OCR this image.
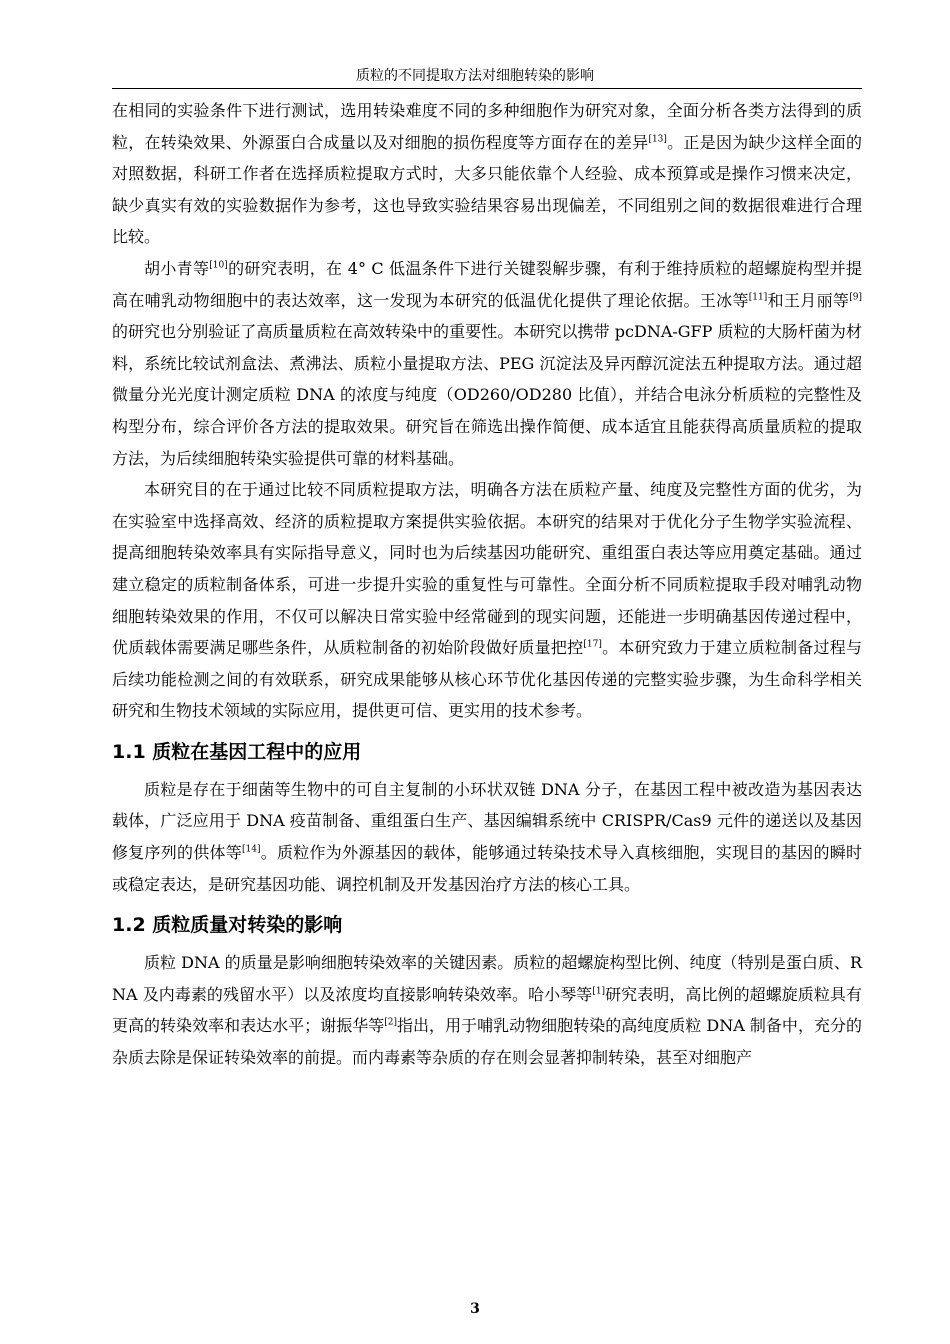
质粒的不同提取方法对细胞转染的影响

在相同的实验条件下进行测试，选用转染难度不同的多种细胞作为研究对象，全面分析各类方法得到的质粒，在转染效果、外源蛋白合成量以及对细胞的损伤程度等方面存在的差异[13]。正是因为缺少这样全面的对照数据，科研工作者在选择质粒提取方式时，大多只能依靠个人经验、成本预算或是操作习惯来决定，缺少真实有效的实验数据作为参考，这也导致实验结果容易出现偏差，不同组别之间的数据很难进行合理比较。

胡小青等[10]的研究表明，在 4° C 低温条件下进行关键裂解步骤，有利于维持质粒的超螺旋构型并提高在哺乳动物细胞中的表达效率，这一发现为本研究的低温优化提供了理论依据。王冰等[11]和王月丽等[9]的研究也分别验证了高质量质粒在高效转染中的重要性。本研究以携带 pcDNA-GFP 质粒的大肠杆菌为材料，系统比较试剂盒法、煮沸法、质粒小量提取方法、PEG 沉淀法及异丙醇沉淀法五种提取方法。通过超微量分光光度计测定质粒 DNA 的浓度与纯度（OD260/OD280 比值），并结合电泳分析质粒的完整性及构型分布，综合评价各方法的提取效果。研究旨在筛选出操作简便、成本适宜且能获得高质量质粒的提取方法，为后续细胞转染实验提供可靠的材料基础。

本研究目的在于通过比较不同质粒提取方法，明确各方法在质粒产量、纯度及完整性方面的优劣，为在实验室中选择高效、经济的质粒提取方案提供实验依据。本研究的结果对于优化分子生物学实验流程、提高细胞转染效率具有实际指导意义，同时也为后续基因功能研究、重组蛋白表达等应用奠定基础。通过建立稳定的质粒制备体系，可进一步提升实验的重复性与可靠性。全面分析不同质粒提取手段对哺乳动物细胞转染效果的作用，不仅可以解决日常实验中经常碰到的现实问题，还能进一步明确基因传递过程中，优质载体需要满足哪些条件，从质粒制备的初始阶段做好质量把控[17]。本研究致力于建立质粒制备过程与后续功能检测之间的有效联系，研究成果能够从核心环节优化基因传递的完整实验步骤，为生命科学相关研究和生物技术领域的实际应用，提供更可信、更实用的技术参考。

1.1 质粒在基因工程中的应用

质粒是存在于细菌等生物中的可自主复制的小环状双链 DNA 分子，在基因工程中被改造为基因表达载体，广泛应用于 DNA 疫苗制备、重组蛋白生产、基因编辑系统中 CRISPR/Cas9 元件的递送以及基因修复序列的供体等[14]。质粒作为外源基因的载体，能够通过转染技术导入真核细胞，实现目的基因的瞬时或稳定表达，是研究基因功能、调控机制及开发基因治疗方法的核心工具。

1.2 质粒质量对转染的影响

质粒 DNA 的质量是影响细胞转染效率的关键因素。质粒的超螺旋构型比例、纯度（特别是蛋白质、RNA 及内毒素的残留水平）以及浓度均直接影响转染效率。哈小琴等[1]研究表明，高比例的超螺旋质粒具有更高的转染效率和表达水平；谢振华等[2]指出，用于哺乳动物细胞转染的高纯度质粒 DNA 制备中，充分的杂质去除是保证转染效率的前提。而内毒素等杂质的存在则会显著抑制转染，甚至对细胞产

3
